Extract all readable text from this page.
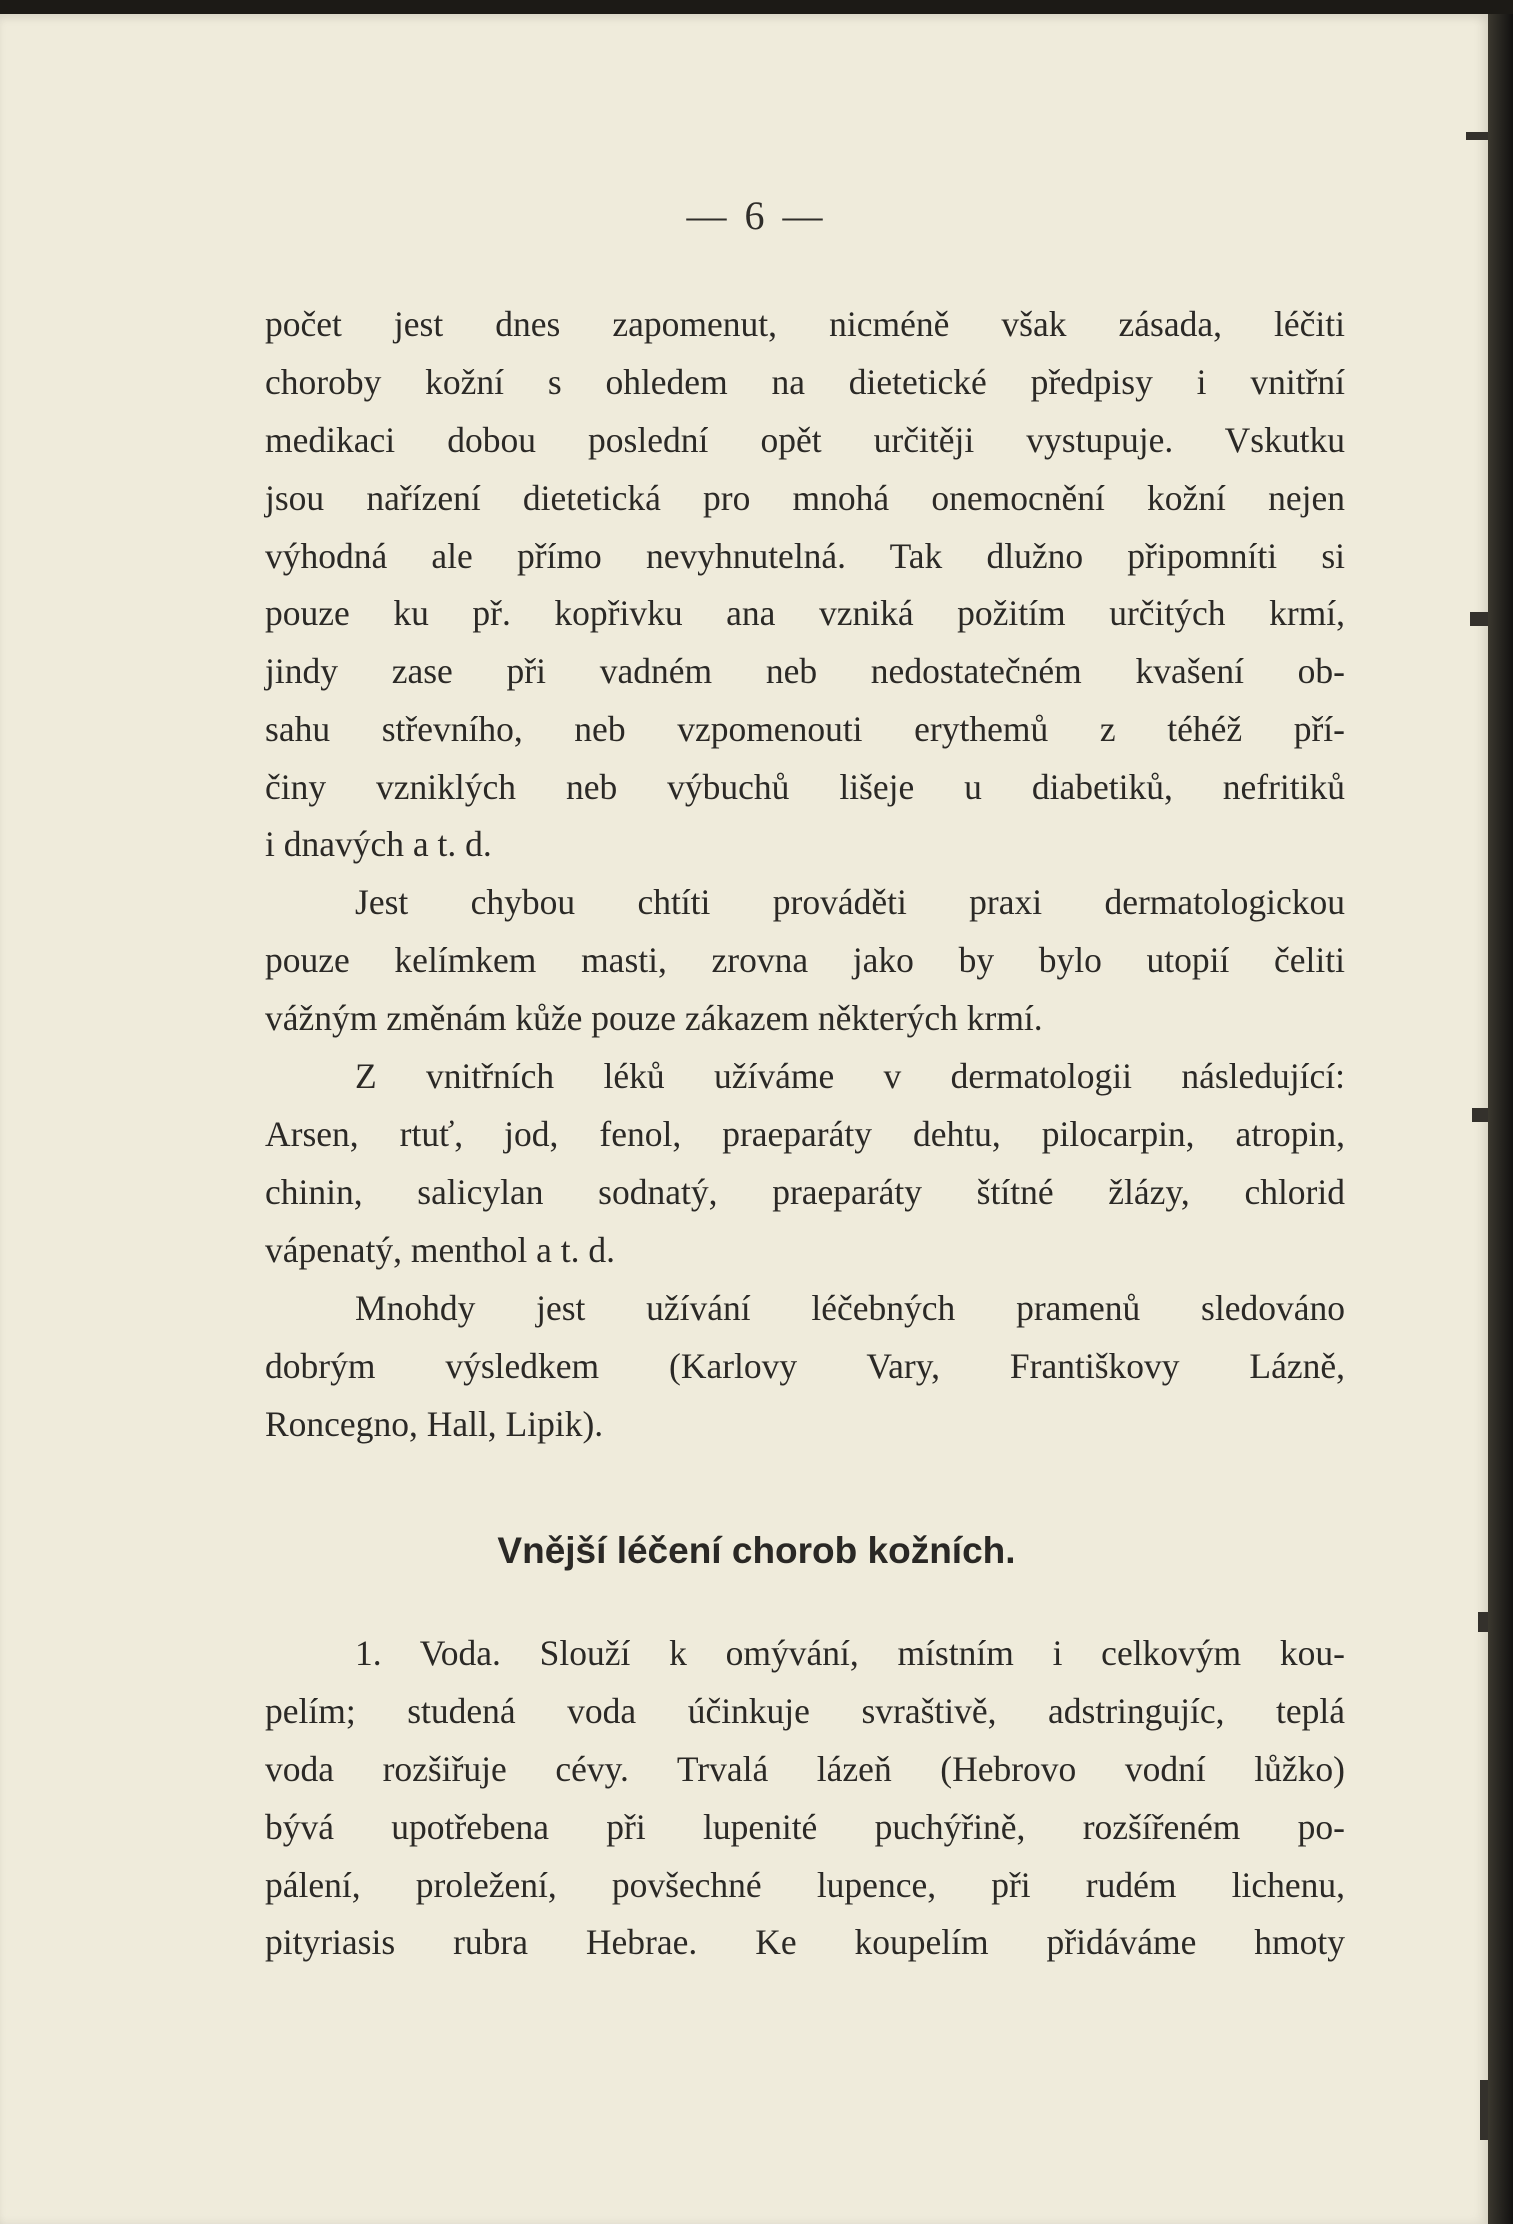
— 6 —
počet jest dnes zapomenut, nicméně však zásada, léčiti
choroby kožní s ohledem na dietetické předpisy i vnitřní
medikaci dobou poslední opět určitěji vystupuje. Vskutku
jsou nařízení dietetická pro mnohá onemocnění kožní nejen
výhodná ale přímo nevyhnutelná. Tak dlužno připomníti si
pouze ku př. kopřivku ana vzniká požitím určitých krmí,
jindy zase při vadném neb nedostatečném kvašení ob-
sahu střevního, neb vzpomenouti erythemů z téhéž pří-
činy vzniklých neb výbuchů lišeje u diabetiků, nefritiků
i dnavých a t. d.
Jest chybou chtíti prováděti praxi dermatologickou
pouze kelímkem masti, zrovna jako by bylo utopií čeliti
vážným změnám kůže pouze zákazem některých krmí.
Z vnitřních léků užíváme v dermatologii následující:
Arsen, rtuť, jod, fenol, praeparáty dehtu, pilocarpin, atropin,
chinin, salicylan sodnatý, praeparáty štítné žlázy, chlorid
vápenatý, menthol a t. d.
Mnohdy jest užívání léčebných pramenů sledováno
dobrým výsledkem (Karlovy Vary, Františkovy Lázně,
Roncegno, Hall, Lipik).
Vnější léčení chorob kožních.
1. Voda. Slouží k omývání, místním i celkovým kou-
pelím; studená voda účinkuje svraštivě, adstringujíc, teplá
voda rozšiřuje cévy. Trvalá lázeň (Hebrovo vodní lůžko)
bývá upotřebena při lupenité puchýřině, rozšířeném po-
pálení, proležení, povšechné lupence, při rudém lichenu,
pityriasis rubra Hebrae. Ke koupelím přidáváme hmoty
